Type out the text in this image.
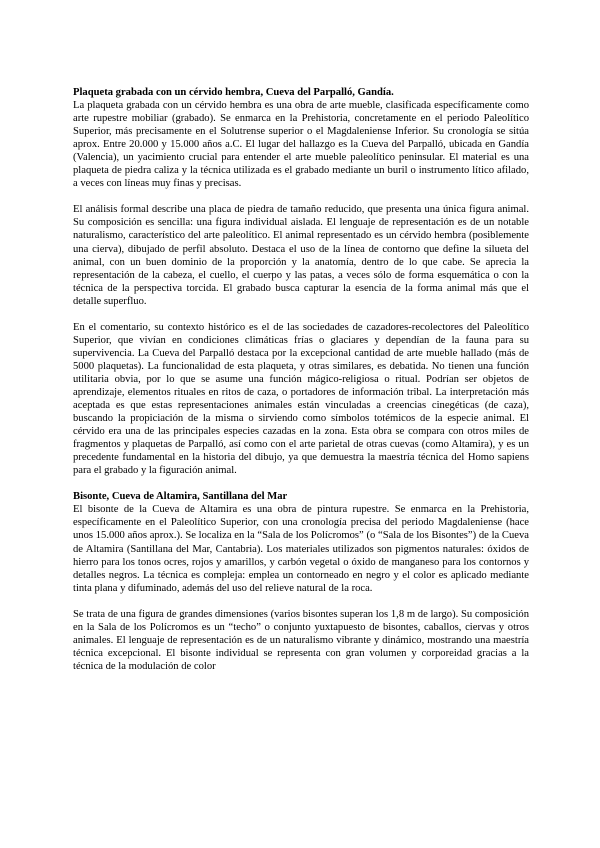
Plaqueta grabada con un cérvido hembra, Cueva del Parpalló, Gandía.

La plaqueta grabada con un cérvido hembra es una obra de arte mueble, clasificada específicamente como arte rupestre mobiliar (grabado). Se enmarca en la Prehistoria, concretamente en el periodo Paleolítico Superior, más precisamente en el Solutrense superior o el Magdaleniense Inferior. Su cronología se sitúa aprox. Entre 20.000 y 15.000 años a.C. El lugar del hallazgo es la Cueva del Parpalló, ubicada en Gandía (Valencia), un yacimiento crucial para entender el arte mueble paleolítico peninsular. El material es una plaqueta de piedra caliza y la técnica utilizada es el grabado mediante un buril o instrumento lítico afilado, a veces con líneas muy finas y precisas.

El análisis formal describe una placa de piedra de tamaño reducido, que presenta una única figura animal. Su composición es sencilla: una figura individual aislada. El lenguaje de representación es de un notable naturalismo, característico del arte paleolítico. El animal representado es un cérvido hembra (posiblemente una cierva), dibujado de perfil absoluto. Destaca el uso de la línea de contorno que define la silueta del animal, con un buen dominio de la proporción y la anatomía, dentro de lo que cabe. Se aprecia la representación de la cabeza, el cuello, el cuerpo y las patas, a veces sólo de forma esquemática o con la técnica de la perspectiva torcida. El grabado busca capturar la esencia de la forma animal más que el detalle superfluo.

En el comentario, su contexto histórico es el de las sociedades de cazadores-recolectores del Paleolítico Superior, que vivían en condiciones climáticas frías o glaciares y dependían de la fauna para su supervivencia. La Cueva del Parpalló destaca por la excepcional cantidad de arte mueble hallado (más de 5000 plaquetas). La funcionalidad de esta plaqueta, y otras similares, es debatida. No tienen una función utilitaria obvia, por lo que se asume una función mágico-religiosa o ritual. Podrían ser objetos de aprendizaje, elementos rituales en ritos de caza, o portadores de información tribal. La interpretación más aceptada es que estas representaciones animales están vinculadas a creencias cinegéticas (de caza), buscando la propiciación de la misma o sirviendo como símbolos totémicos de la especie animal. El cérvido era una de las principales especies cazadas en la zona. Esta obra se compara con otros miles de fragmentos y plaquetas de Parpalló, así como con el arte parietal de otras cuevas (como Altamira), y es un precedente fundamental en la historia del dibujo, ya que demuestra la maestría técnica del Homo sapiens para el grabado y la figuración animal.

Bisonte, Cueva de Altamira, Santillana del Mar

El bisonte de la Cueva de Altamira es una obra de pintura rupestre. Se enmarca en la Prehistoria, específicamente en el Paleolítico Superior, con una cronología precisa del periodo Magdaleniense (hace unos 15.000 años aprox.). Se localiza en la “Sala de los Polícromos” (o “Sala de los Bisontes”) de la Cueva de Altamira (Santillana del Mar, Cantabria). Los materiales utilizados son pigmentos naturales: óxidos de hierro para los tonos ocres, rojos y amarillos, y carbón vegetal o óxido de manganeso para los contornos y detalles negros. La técnica es compleja: emplea un contorneado en negro y el color es aplicado mediante tinta plana y difuminado, además del uso del relieve natural de la roca.

Se trata de una figura de grandes dimensiones (varios bisontes superan los 1,8 m de largo). Su composición en la Sala de los Polícromos es un “techo” o conjunto yuxtapuesto de bisontes, caballos, ciervas y otros animales. El lenguaje de representación es de un naturalismo vibrante y dinámico, mostrando una maestría técnica excepcional. El bisonte individual se representa con gran volumen y corporeidad gracias a la técnica de la modulación de color
